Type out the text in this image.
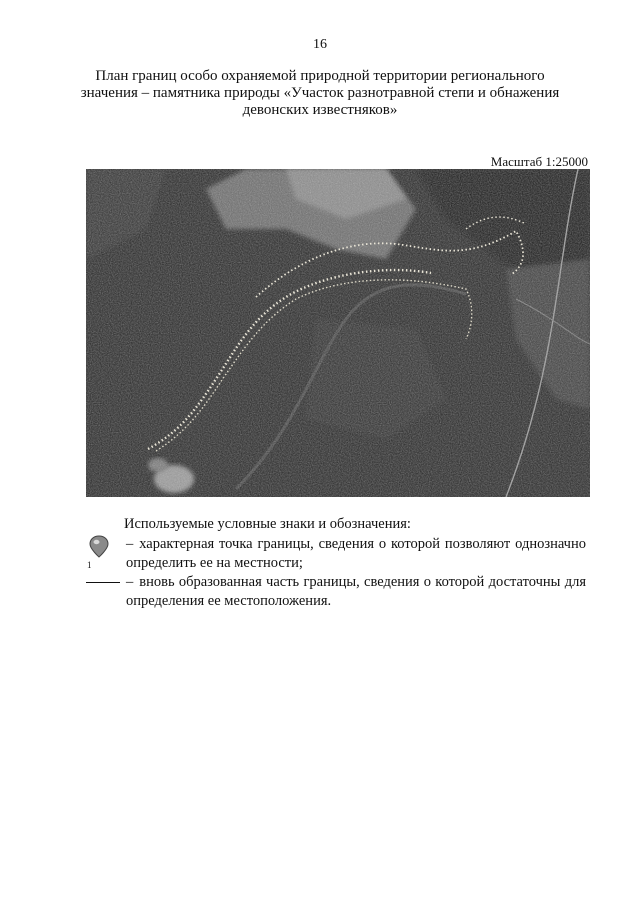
16
План границ особо охраняемой природной территории регионального
значения – памятника природы «Участок разнотравной степи и обнажения
девонских известняков»
Масштаб 1:25000
Используемые условные знаки и обозначения:
1
– характерная точка границы, сведения о которой позволяют однозначно определить ее на местности;
– вновь образованная часть границы, сведения о которой достаточны для определения ее местоположения.
